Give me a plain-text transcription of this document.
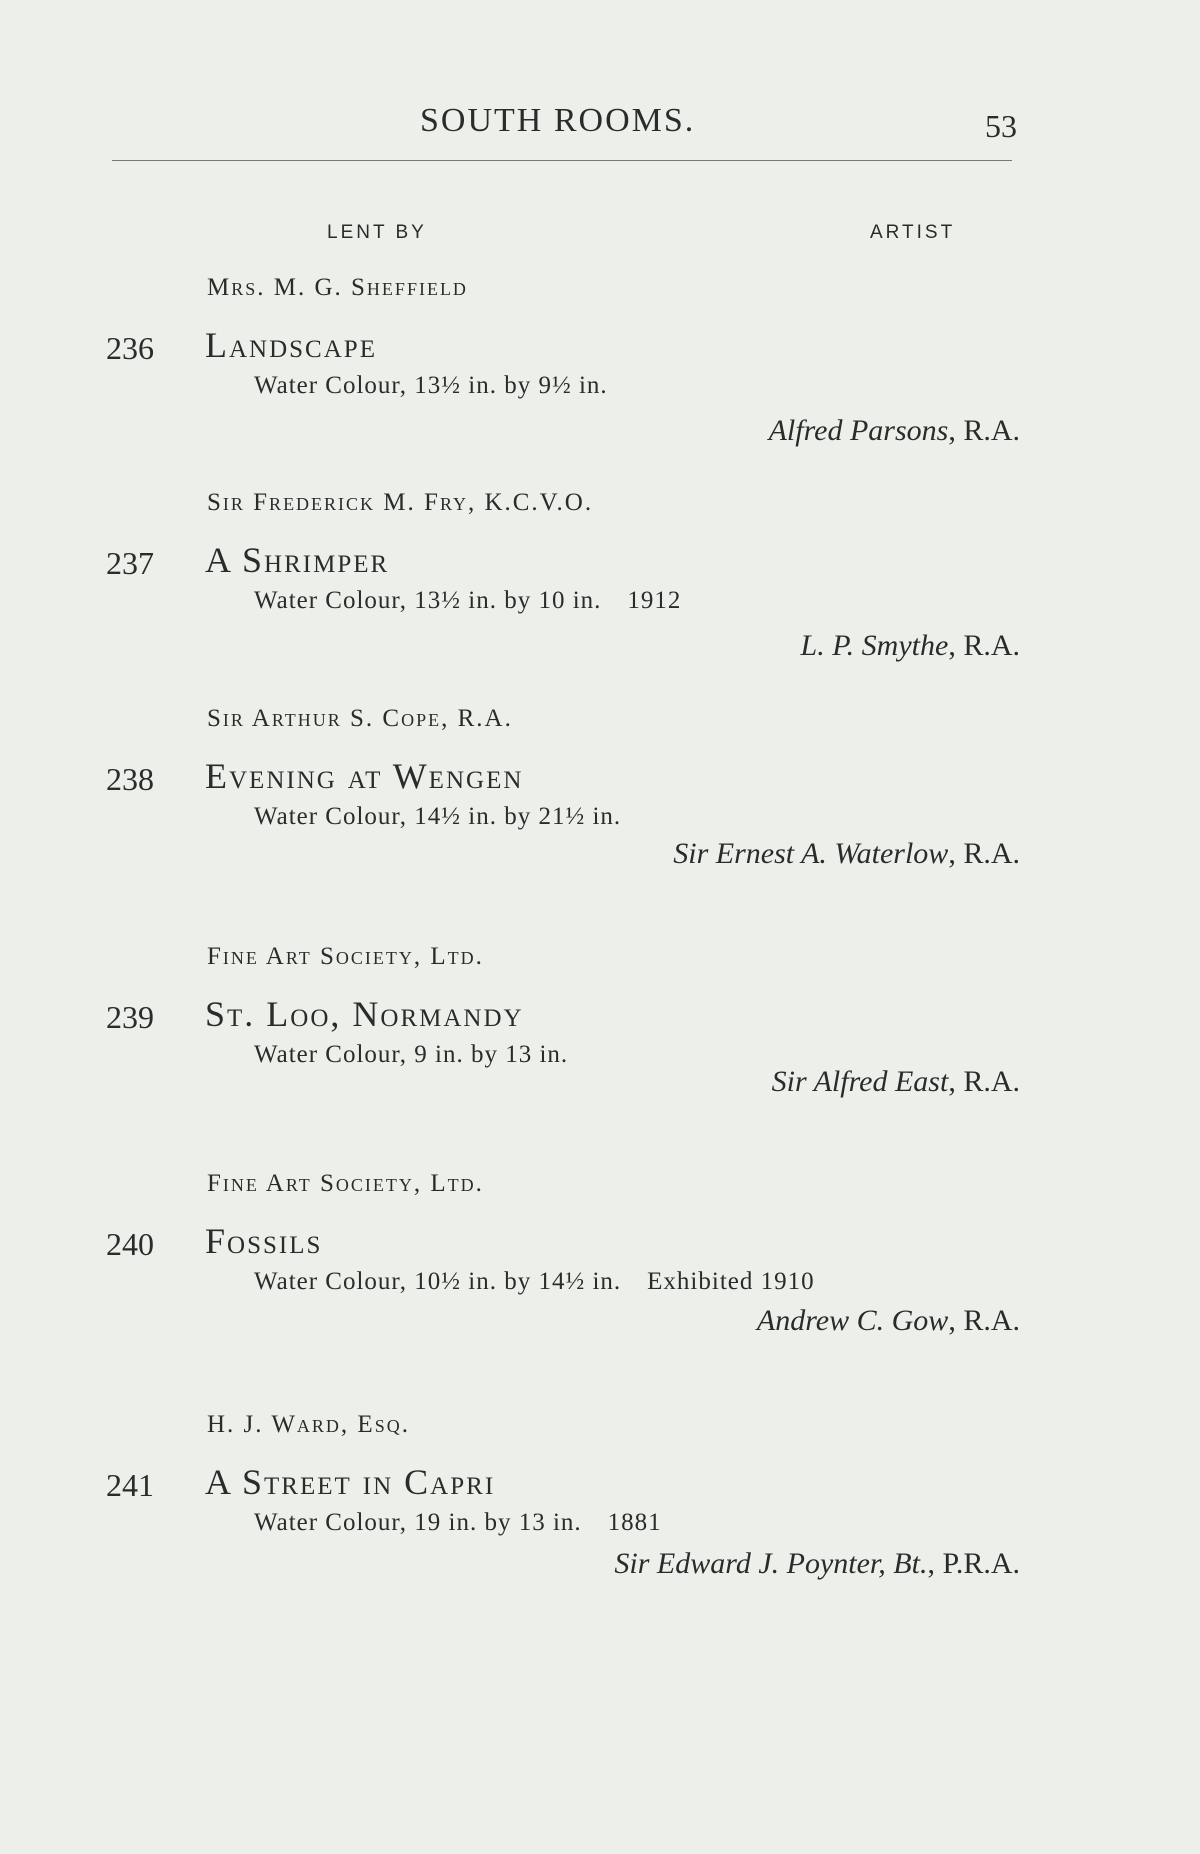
SOUTH ROOMS.	53
LENT BY	ARTIST
Mrs. M. G. Sheffield
236 Landscape
Water Colour, 13½ in. by 9½ in.
Alfred Parsons, R.A.
Sir Frederick M. Fry, K.C.V.O.
237 A Shrimper
Water Colour, 13½ in. by 10 in. 1912
L. P. Smythe, R.A.
Sir Arthur S. Cope, R.A.
238 Evening at Wengen
Water Colour, 14½ in. by 21½ in.
Sir Ernest A. Waterlow, R.A.
Fine Art Society, Ltd.
239 St. Loo, Normandy
Water Colour, 9 in. by 13 in.
Sir Alfred East, R.A.
Fine Art Society, Ltd.
240 Fossils
Water Colour, 10½ in. by 14½ in. Exhibited 1910
Andrew C. Gow, R.A.
H. J. Ward, Esq.
241 A Street in Capri
Water Colour, 19 in. by 13 in. 1881
Sir Edward J. Poynter, Bt., P.R.A.
